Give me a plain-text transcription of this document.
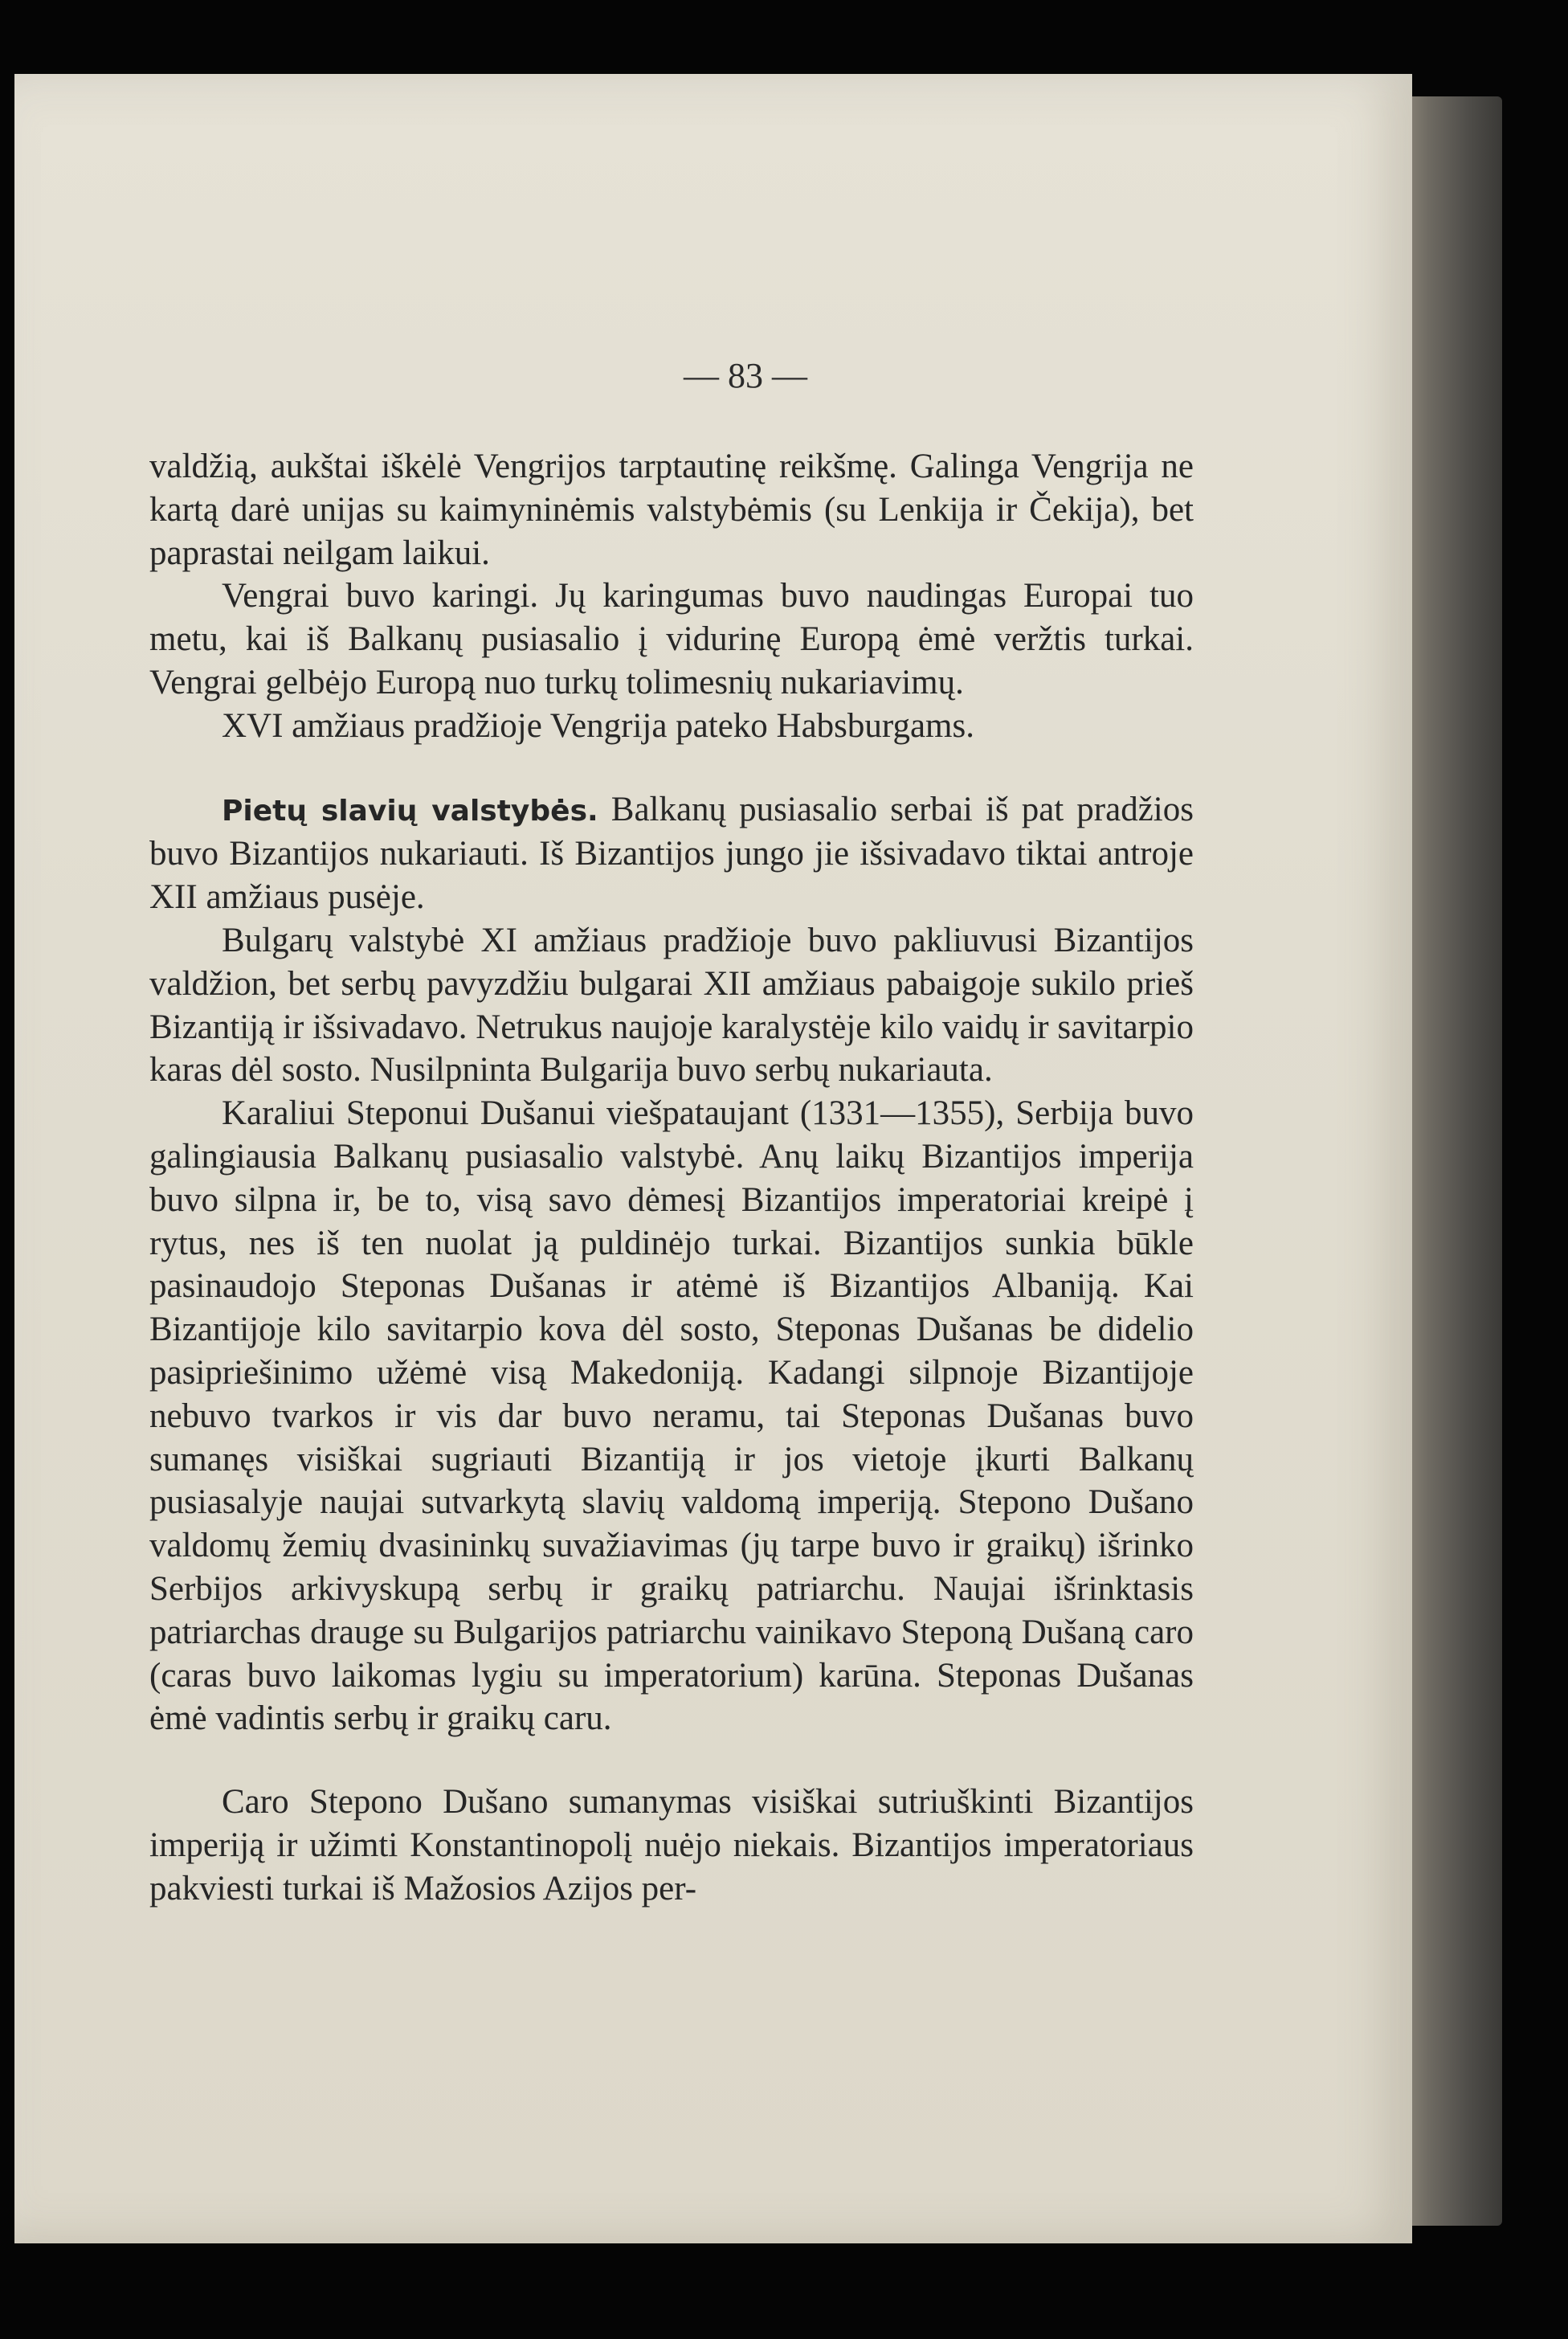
— 83 —

valdžią, aukštai iškėlė Vengrijos tarptautinę reikšmę. Galinga Vengrija ne kartą darė unijas su kaimyninėmis valstybėmis (su Lenkija ir Čekija), bet paprastai neilgam laikui.

Vengrai buvo karingi. Jų karingumas buvo naudingas Europai tuo metu, kai iš Balkanų pusiasalio į vidurinę Europą ėmė veržtis turkai. Vengrai gelbėjo Europą nuo turkų tolimesnių nukariavimų.

XVI amžiaus pradžioje Vengrija pateko Habsburgams.

Pietų slavių valstybės. Balkanų pusiasalio serbai iš pat pradžios buvo Bizantijos nukariauti. Iš Bizantijos jungo jie išsivadavo tiktai antroje XII amžiaus pusėje.

Bulgarų valstybė XI amžiaus pradžioje buvo pakliuvusi Bizantijos valdžion, bet serbų pavyzdžiu bulgarai XII amžiaus pabaigoje sukilo prieš Bizantiją ir išsivadavo. Netrukus naujoje karalystėje kilo vaidų ir savitarpio karas dėl sosto. Nusilpninta Bulgarija buvo serbų nukariauta.

Karaliui Steponui Dušanui viešpataujant (1331—1355), Serbija buvo galingiausia Balkanų pusiasalio valstybė. Anų laikų Bizantijos imperija buvo silpna ir, be to, visą savo dėmesį Bizantijos imperatoriai kreipė į rytus, nes iš ten nuolat ją puldinėjo turkai. Bizantijos sunkia būkle pasinaudojo Steponas Dušanas ir atėmė iš Bizantijos Albaniją. Kai Bizantijoje kilo savitarpio kova dėl sosto, Steponas Dušanas be didelio pasipriešinimo užėmė visą Makedoniją. Kadangi silpnoje Bizantijoje nebuvo tvarkos ir vis dar buvo neramu, tai Steponas Dušanas buvo sumanęs visiškai sugriauti Bizantiją ir jos vietoje įkurti Balkanų pusiasalyje naujai sutvarkytą slavių valdomą imperiją. Stepono Dušano valdomų žemių dvasininkų suvažiavimas (jų tarpe buvo ir graikų) išrinko Serbijos arkivyskupą serbų ir graikų patriarchu. Naujai išrinktasis patriarchas drauge su Bulgarijos patriarchu vainikavo Steponą Dušaną caro (caras buvo laikomas lygiu su imperatorium) karūna. Steponas Dušanas ėmė vadintis serbų ir graikų caru.

Caro Stepono Dušano sumanymas visiškai sutriuškinti Bizantijos imperiją ir užimti Konstantinopolį nuėjo niekais. Bizantijos imperatoriaus pakviesti turkai iš Mažosios Azijos per-
